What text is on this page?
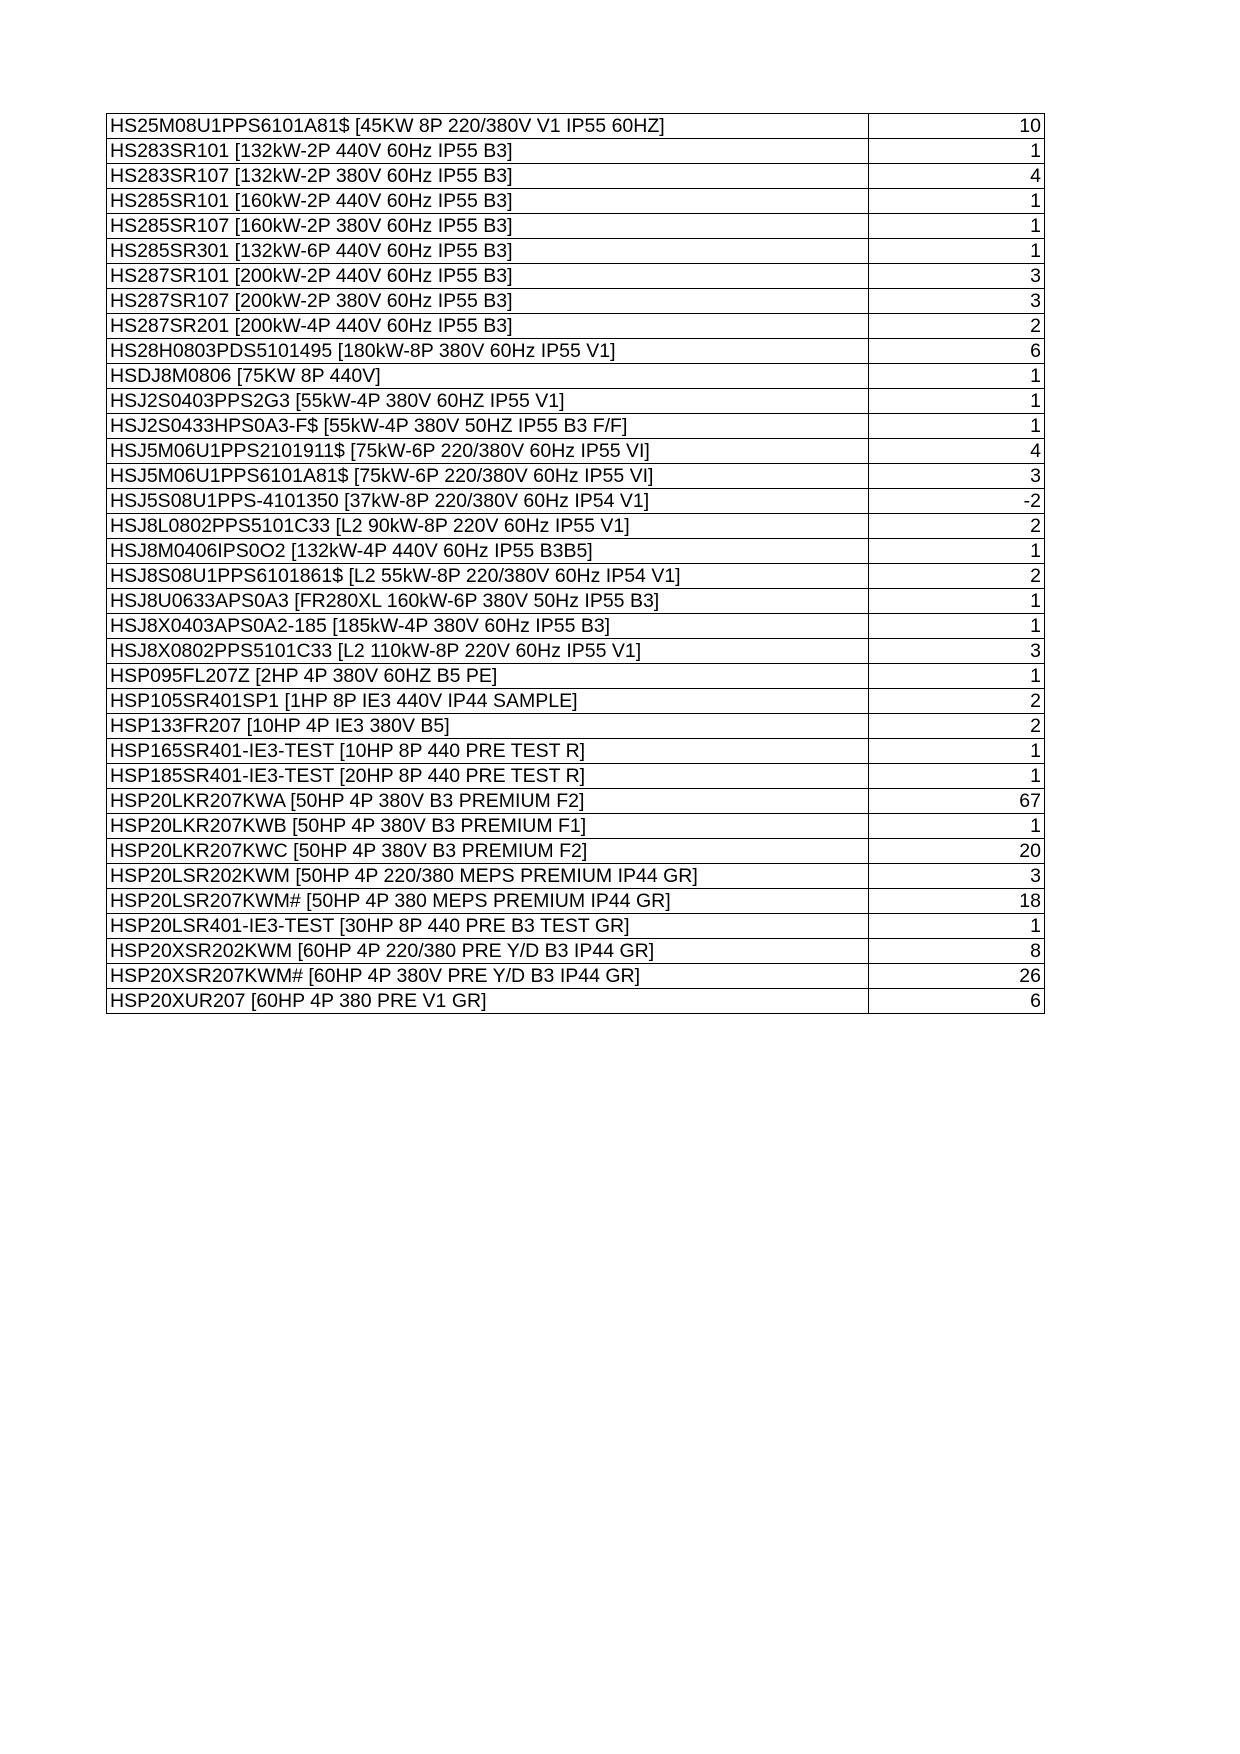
HS25M08U1PPS6101A81$ [45KW 8P 220/380V V1 IP55 60HZ]	10
HS283SR101 [132kW-2P 440V 60Hz IP55 B3]	1
HS283SR107 [132kW-2P 380V 60Hz IP55 B3]	4
HS285SR101 [160kW-2P 440V 60Hz IP55 B3]	1
HS285SR107 [160kW-2P 380V 60Hz IP55 B3]	1
HS285SR301 [132kW-6P 440V 60Hz IP55 B3]	1
HS287SR101 [200kW-2P 440V 60Hz IP55 B3]	3
HS287SR107 [200kW-2P 380V 60Hz IP55 B3]	3
HS287SR201 [200kW-4P 440V 60Hz IP55 B3]	2
HS28H0803PDS5101495 [180kW-8P 380V 60Hz IP55 V1]	6
HSDJ8M0806 [75KW 8P 440V]	1
HSJ2S0403PPS2G3 [55kW-4P 380V 60HZ IP55 V1]	1
HSJ2S0433HPS0A3-F$ [55kW-4P 380V 50HZ IP55 B3 F/F]	1
HSJ5M06U1PPS2101911$ [75kW-6P 220/380V 60Hz IP55 VI]	4
HSJ5M06U1PPS6101A81$ [75kW-6P 220/380V 60Hz IP55 VI]	3
HSJ5S08U1PPS-4101350 [37kW-8P 220/380V 60Hz IP54 V1]	-2
HSJ8L0802PPS5101C33 [L2 90kW-8P 220V 60Hz IP55 V1]	2
HSJ8M0406IPS0O2 [132kW-4P 440V 60Hz IP55 B3B5]	1
HSJ8S08U1PPS6101861$ [L2 55kW-8P 220/380V 60Hz IP54 V1]	2
HSJ8U0633APS0A3 [FR280XL 160kW-6P 380V 50Hz IP55 B3]	1
HSJ8X0403APS0A2-185 [185kW-4P 380V 60Hz IP55 B3]	1
HSJ8X0802PPS5101C33 [L2 110kW-8P 220V 60Hz IP55 V1]	3
HSP095FL207Z [2HP 4P 380V 60HZ B5 PE]	1
HSP105SR401SP1 [1HP 8P IE3 440V IP44 SAMPLE]	2
HSP133FR207 [10HP 4P IE3 380V B5]	2
HSP165SR401-IE3-TEST [10HP 8P 440 PRE TEST R]	1
HSP185SR401-IE3-TEST [20HP 8P 440 PRE TEST R]	1
HSP20LKR207KWA [50HP 4P 380V B3 PREMIUM F2]	67
HSP20LKR207KWB [50HP 4P 380V B3 PREMIUM F1]	1
HSP20LKR207KWC [50HP 4P 380V B3 PREMIUM F2]	20
HSP20LSR202KWM [50HP 4P 220/380 MEPS PREMIUM IP44 GR]	3
HSP20LSR207KWM# [50HP 4P 380 MEPS PREMIUM IP44 GR]	18
HSP20LSR401-IE3-TEST [30HP 8P 440 PRE B3 TEST GR]	1
HSP20XSR202KWM [60HP 4P 220/380 PRE Y/D B3 IP44 GR]	8
HSP20XSR207KWM# [60HP 4P 380V PRE Y/D B3 IP44 GR]	26
HSP20XUR207 [60HP 4P 380 PRE V1 GR]	6
